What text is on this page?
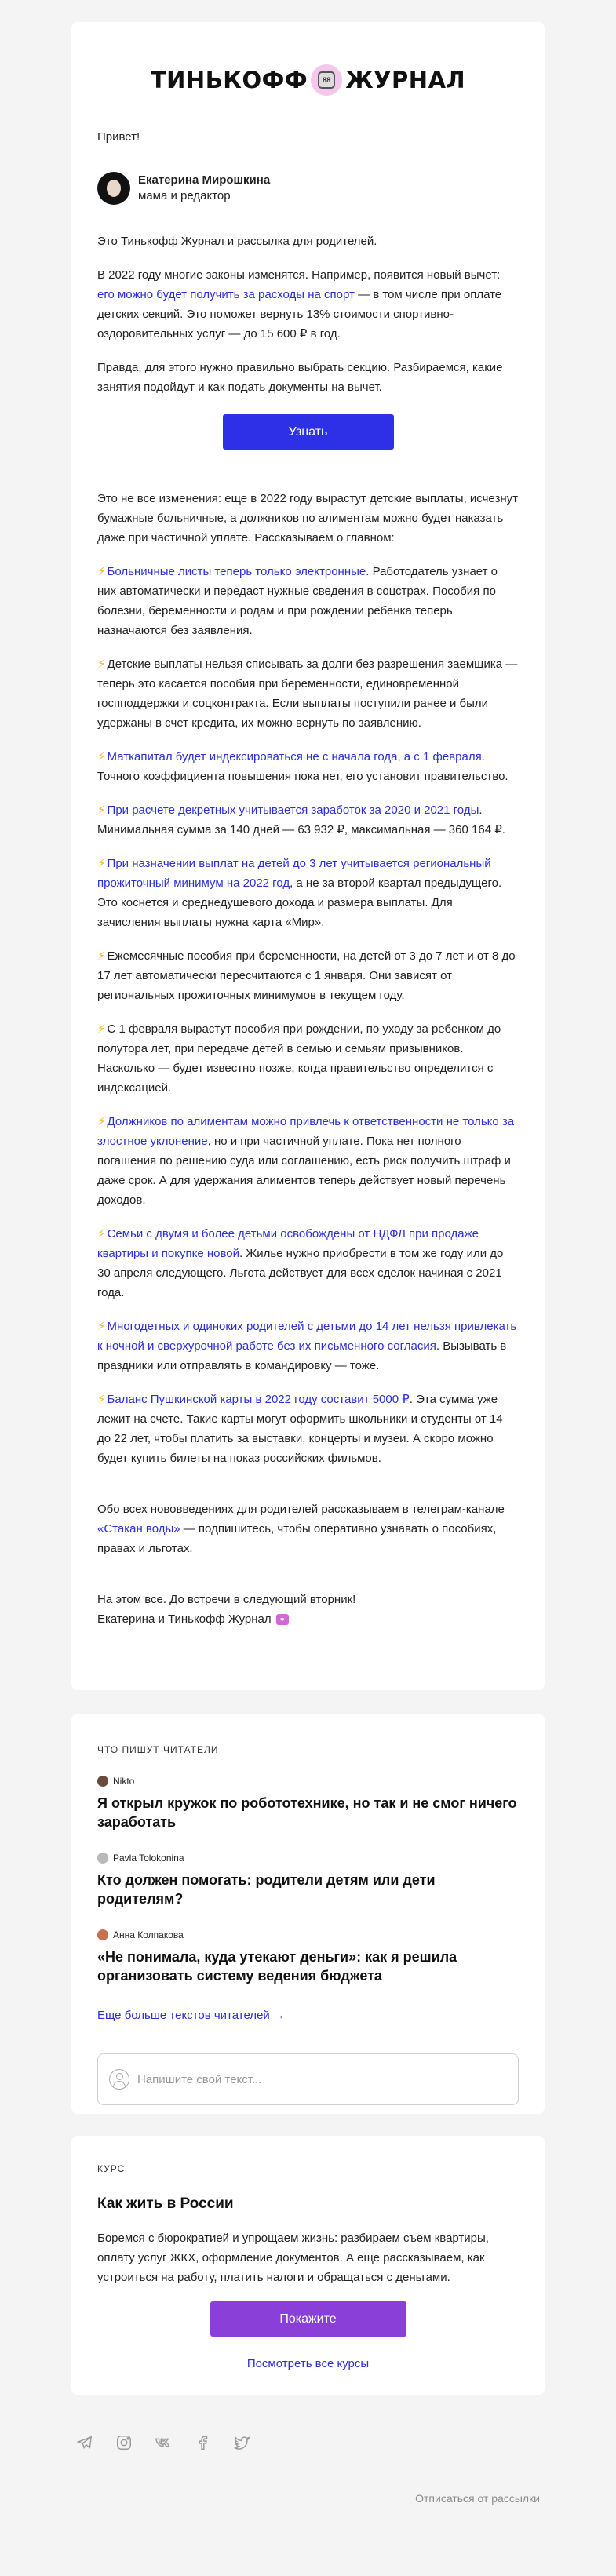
ТИНЬКОФФ	88 ЖУРНАЛ

Привет!

Екатерина Мирошкина
мама и редактор

Это Тинькофф Журнал и рассылка для родителей.

В 2022 году многие законы изменятся. Например, появится новый вычет: его можно будет получить за расходы на спорт — в том числе при оплате детских секций. Это поможет вернуть 13% стоимости спортивно-оздоровительных услуг — до 15 600 ₽ в год.

Правда, для этого нужно правильно выбрать секцию. Разбираемся, какие занятия подойдут и как подать документы на вычет.

Узнать

Это не все изменения: еще в 2022 году вырастут детские выплаты, исчезнут бумажные больничные, а должников по алиментам можно будет наказать даже при частичной уплате. Рассказываем о главном:

⚡ Больничные листы теперь только электронные. Работодатель узнает о них автоматически и передаст нужные сведения в соцстрах. Пособия по болезни, беременности и родам и при рождении ребенка теперь назначаются без заявления.

⚡ Детские выплаты нельзя списывать за долги без разрешения заемщика — теперь это касается пособия при беременности, единовременной госпподдержки и соцконтракта. Если выплаты поступили ранее и были удержаны в счет кредита, их можно вернуть по заявлению.

⚡ Маткапитал будет индексироваться не с начала года, а с 1 февраля. Точного коэффициента повышения пока нет, его установит правительство.

⚡ При расчете декретных учитывается заработок за 2020 и 2021 годы. Минимальная сумма за 140 дней — 63 932 ₽, максимальная — 360 164 ₽.

⚡ При назначении выплат на детей до 3 лет учитывается региональный прожиточный минимум на 2022 год, а не за второй квартал предыдущего. Это коснется и среднедушевого дохода и размера выплаты. Для зачисления выплаты нужна карта «Мир».

⚡ Ежемесячные пособия при беременности, на детей от 3 до 7 лет и от 8 до 17 лет автоматически пересчитаются с 1 января. Они зависят от региональных прожиточных минимумов в текущем году.

⚡ С 1 февраля вырастут пособия при рождении, по уходу за ребенком до полутора лет, при передаче детей в семью и семьям призывников. Насколько — будет известно позже, когда правительство определится с индексацией.

⚡ Должников по алиментам можно привлечь к ответственности не только за злостное уклонение, но и при частичной уплате. Пока нет полного погашения по решению суда или соглашению, есть риск получить штраф и даже срок. А для удержания алиментов теперь действует новый перечень доходов.

⚡ Семьи с двумя и более детьми освобождены от НДФЛ при продаже квартиры и покупке новой. Жилье нужно приобрести в том же году или до 30 апреля следующего. Льгота действует для всех сделок начиная с 2021 года.

⚡ Многодетных и одиноких родителей с детьми до 14 лет нельзя привлекать к ночной и сверхурочной работе без их письменного согласия. Вызывать в праздники или отправлять в командировку — тоже.

⚡ Баланс Пушкинской карты в 2022 году составит 5000 ₽. Эта сумма уже лежит на счете. Такие карты могут оформить школьники и студенты от 14 до 22 лет, чтобы платить за выставки, концерты и музеи. А скоро можно будет купить билеты на показ российских фильмов.

Обо всех нововведениях для родителей рассказываем в телеграм-канале «Стакан воды» — подпишитесь, чтобы оперативно узнавать о пособиях, правах и льготах.

На этом все. До встречи в следующий вторник!
Екатерина и Тинькофф Журнал	♥
ЧТО ПИШУТ ЧИТАТЕЛИ
Nikto
Я открыл кружок по робототехнике, но так и не смог ничего заработать
Pavla Tolokonina
Кто должен помогать: родители детям или дети родителям?
Анна Колпакова
«Не понимала, куда утекают деньги»: как я решила организовать систему ведения бюджета
Еще больше текстов читателей →
Напишите свой текст...
КУРС
Как жить в России

Боремся с бюрократией и упрощаем жизнь: разбираем съем квартиры, оплату услуг ЖКХ, оформление документов. А еще рассказываем, как устроиться на работу, платить налоги и обращаться с деньгами.

Покажите
Посмотреть все курсы
Отписаться от рассылки
